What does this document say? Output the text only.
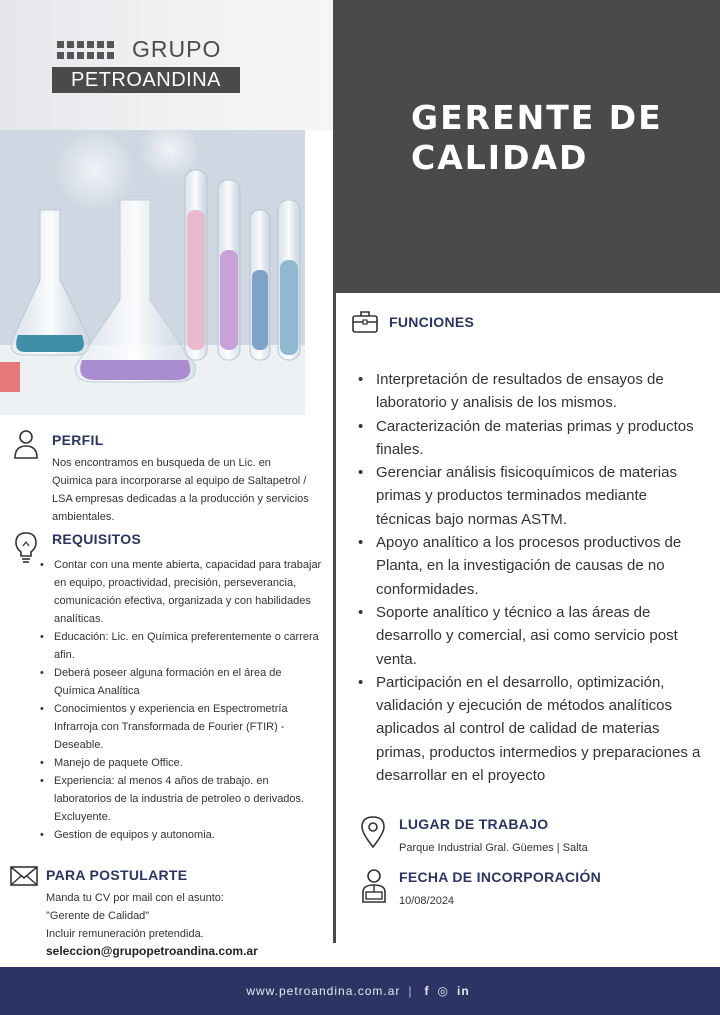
GRUPO
PETROANDINA
GERENTE DE CALIDAD
PERFIL
Nos encontramos en busqueda de un Lic. en Quimica para incorporarse al equipo de Saltapetrol / LSA empresas dedicadas a la producción y servicios ambientales.
REQUISITOS
• Contar con una mente abierta, capacidad para trabajar en equipo, proactividad, precisión, perseverancia, comunicación efectiva, organizada y con habilidades analíticas.
• Educación: Lic. en Química preferentemente o carrera afin.
• Deberá poseer alguna formación en el área de Química Analítica
• Conocimientos y experiencia en Espectrometría Infrarroja con Transformada de Fourier (FTIR) - Deseable.
• Manejo de paquete Office.
• Experiencia: al menos 4 años de trabajo. en laboratorios de la industria de petroleo o derivados. Excluyente.
• Gestion de equipos y autonomia.
PARA POSTULARTE
Manda tu CV por mail con el asunto:
"Gerente de Calidad"
Incluir remuneración pretendida.
seleccion@grupopetroandina.com.ar
FUNCIONES
• Interpretación de resultados de ensayos de laboratorio y analisis de los mismos.
• Caracterización de materias primas y productos finales.
• Gerenciar análisis fisicoquímicos de materias primas y productos terminados mediante técnicas bajo normas ASTM.
• Apoyo analítico a los procesos productivos de Planta, en la investigación de causas de no conformidades.
• Soporte analítico y técnico a las áreas de desarrollo y comercial, asi como servicio post venta.
• Participación en el desarrollo, optimización, validación y ejecución de métodos analíticos aplicados al control de calidad de materias primas, productos intermedios y preparaciones a desarrollar en el proyecto
LUGAR DE TRABAJO
Parque Industrial Gral. Güemes | Salta
FECHA DE INCORPORACIÓN
10/08/2024
www.petroandina.com.ar | f ◎ in
